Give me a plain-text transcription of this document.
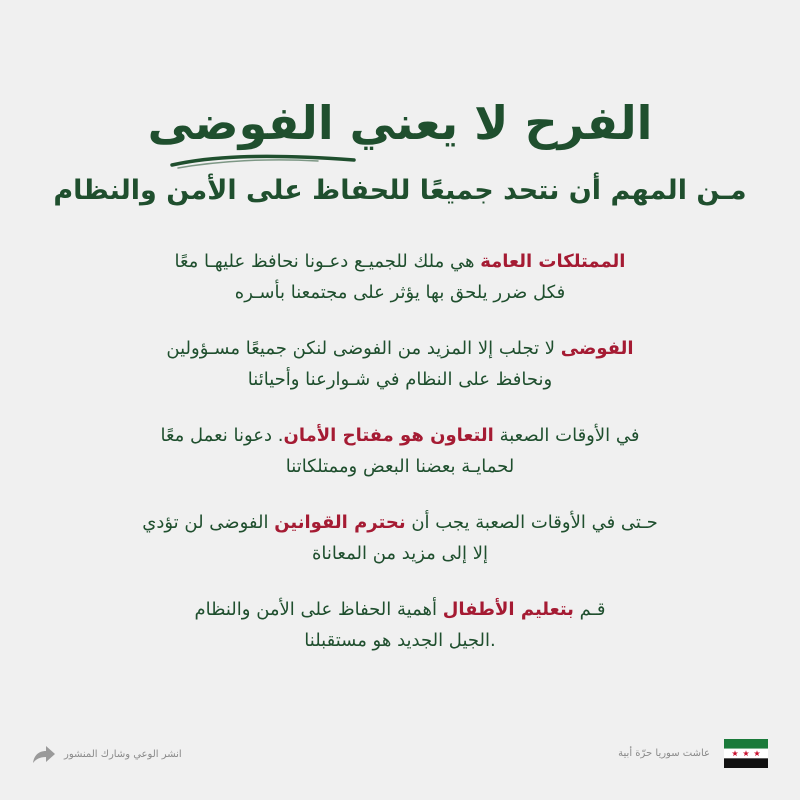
الفرح لا يعني الفوضى
مـن المهم أن نتحد جميعًا للحفاظ على الأمن والنظام

الممتلكات العامة هي ملك للجميـع دعـونا نحافظ عليهـا معًا
فكل ضرر يلحق بها يؤثر على مجتمعنا بأسـره

الفوضى لا تجلب إلا المزيد من الفوضى لنكن جميعًا مسـؤولين
ونحافظ على النظام في شـوارعنا وأحيائنا

في الأوقات الصعبة التعاون هو مفتاح الأمان. دعونا نعمل معًا
لحمايـة بعضنا البعض وممتلكاتنا

حـتى في الأوقات الصعبة يجب أن نحترم القوانين الفوضى لن تؤدي
إلا إلى مزيد من المعاناة

قـم بتعليم الأطفال أهمية الحفاظ على الأمن والنظام
.الجيل الجديد هو مستقبلنا

انشر الوعي وشارك المنشور	عاشت سوريا حرّة أبية
